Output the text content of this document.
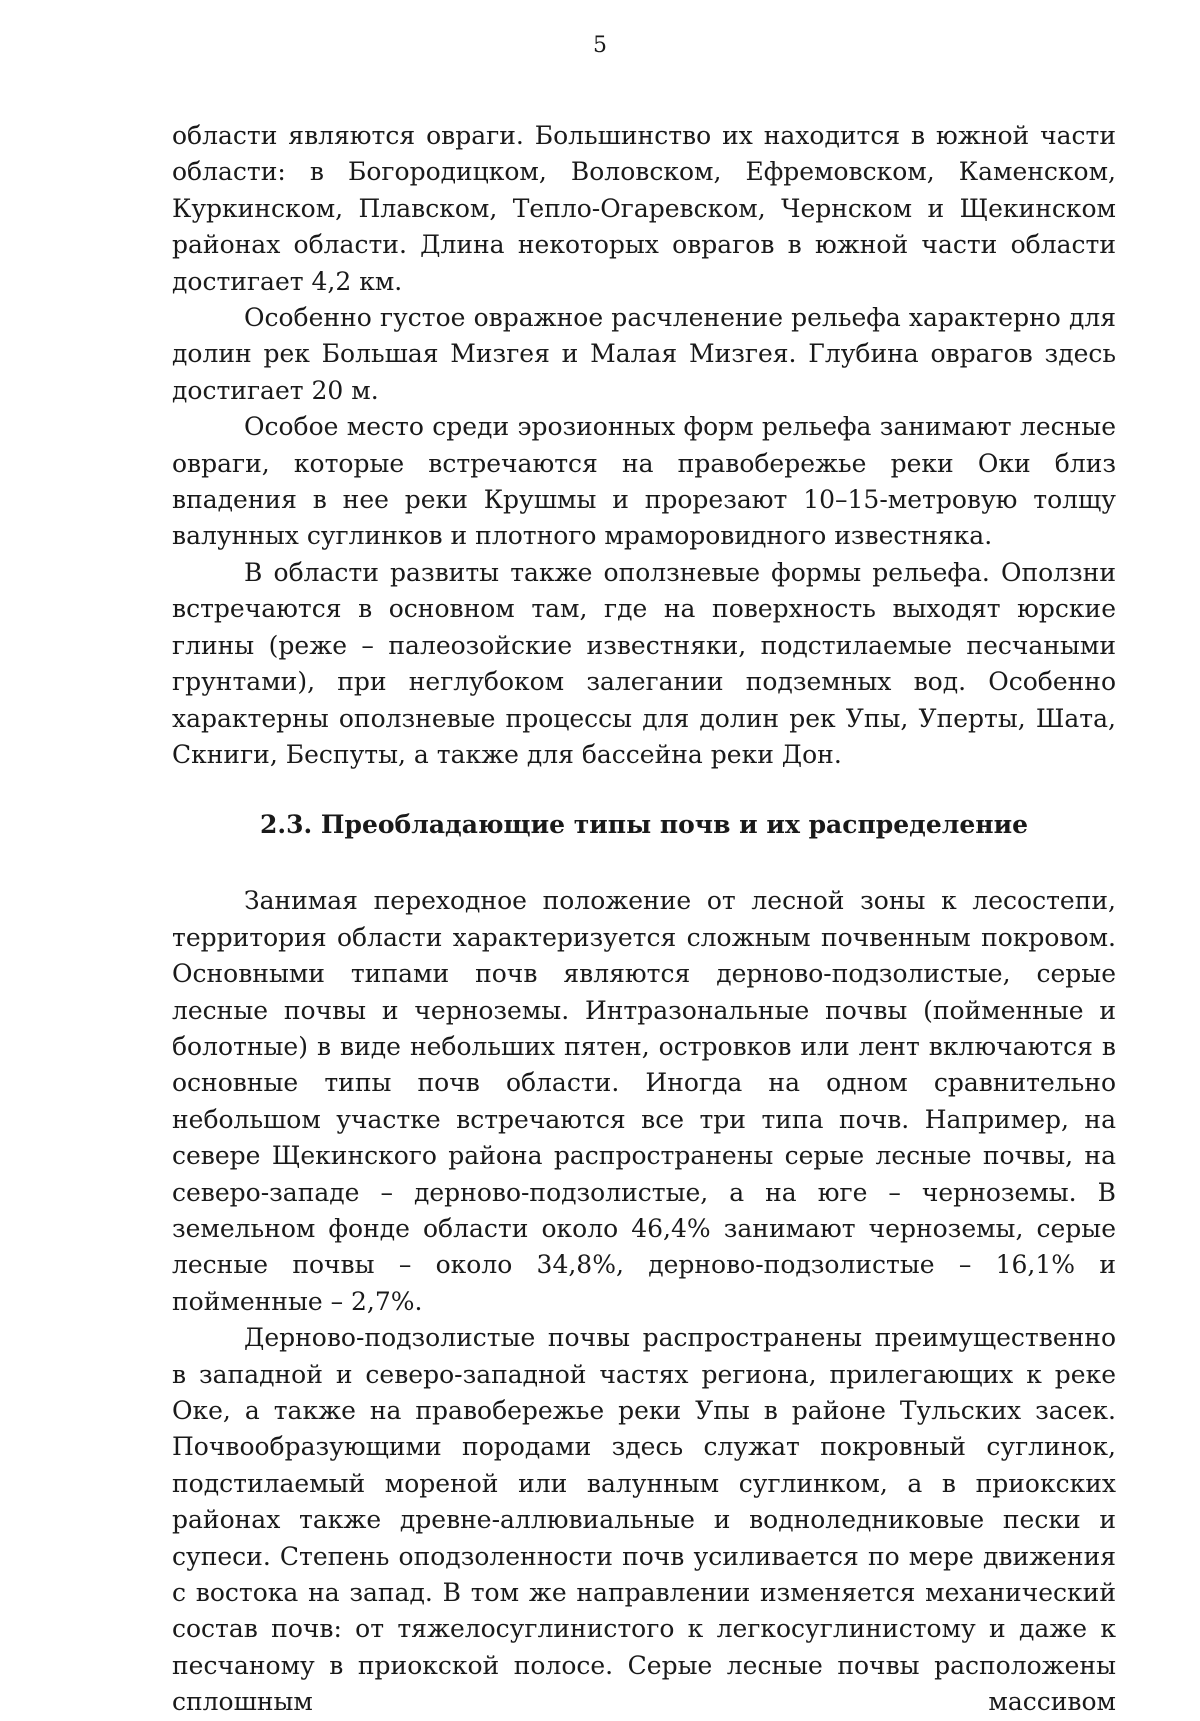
5

области являются овраги. Большинство их находится в южной части области: в Богородицком, Воловском, Ефремовском, Каменском, Куркинском, Плавском, Тепло-Огаревском, Чернском и Щекинском районах области. Длина некоторых оврагов в южной части области достигает 4,2 км.

Особенно густое овражное расчленение рельефа характерно для долин рек Большая Мизгея и Малая Мизгея. Глубина оврагов здесь достигает 20 м.

Особое место среди эрозионных форм рельефа занимают лесные овраги, которые встречаются на правобережье реки Оки близ впадения в нее реки Крушмы и прорезают 10–15-метровую толщу валунных суглинков и плотного мраморовидного известняка.

В области развиты также оползневые формы рельефа. Оползни встречаются в основном там, где на поверхность выходят юрские глины (реже – палеозойские известняки, подстилаемые песчаными грунтами), при неглубоком залегании подземных вод. Особенно характерны оползневые процессы для долин рек Упы, Уперты, Шата, Скниги, Беспуты, а также для бассейна реки Дон.

2.3. Преобладающие типы почв и их распределение

Занимая переходное положение от лесной зоны к лесостепи, территория области характеризуется сложным почвенным покровом. Основными типами почв являются дерново-подзолистые, серые лесные почвы и черноземы. Интразональные почвы (пойменные и болотные) в виде небольших пятен, островков или лент включаются в основные типы почв области. Иногда на одном сравнительно небольшом участке встречаются все три типа почв. Например, на севере Щекинского района распространены серые лесные почвы, на северо-западе – дерново-подзолистые, а на юге – черноземы. В земельном фонде области около 46,4% занимают черноземы, серые лесные почвы – около 34,8%, дерново-подзолистые – 16,1% и пойменные – 2,7%.

Дерново-подзолистые почвы распространены преимущественно в западной и северо-западной частях региона, прилегающих к реке Оке, а также на правобережье реки Упы в районе Тульских засек. Почвообразующими породами здесь служат покровный суглинок, подстилаемый мореной или валунным суглинком, а в приокских районах также древне-аллювиальные и водноледниковые пески и супеси. Степень оподзоленности почв усиливается по мере движения с востока на запад. В том же направлении изменяется механический состав почв: от тяжелосуглинистого к легкосуглинистому и даже к песчаному в приокской полосе. Серые лесные почвы расположены сплошным массивом
